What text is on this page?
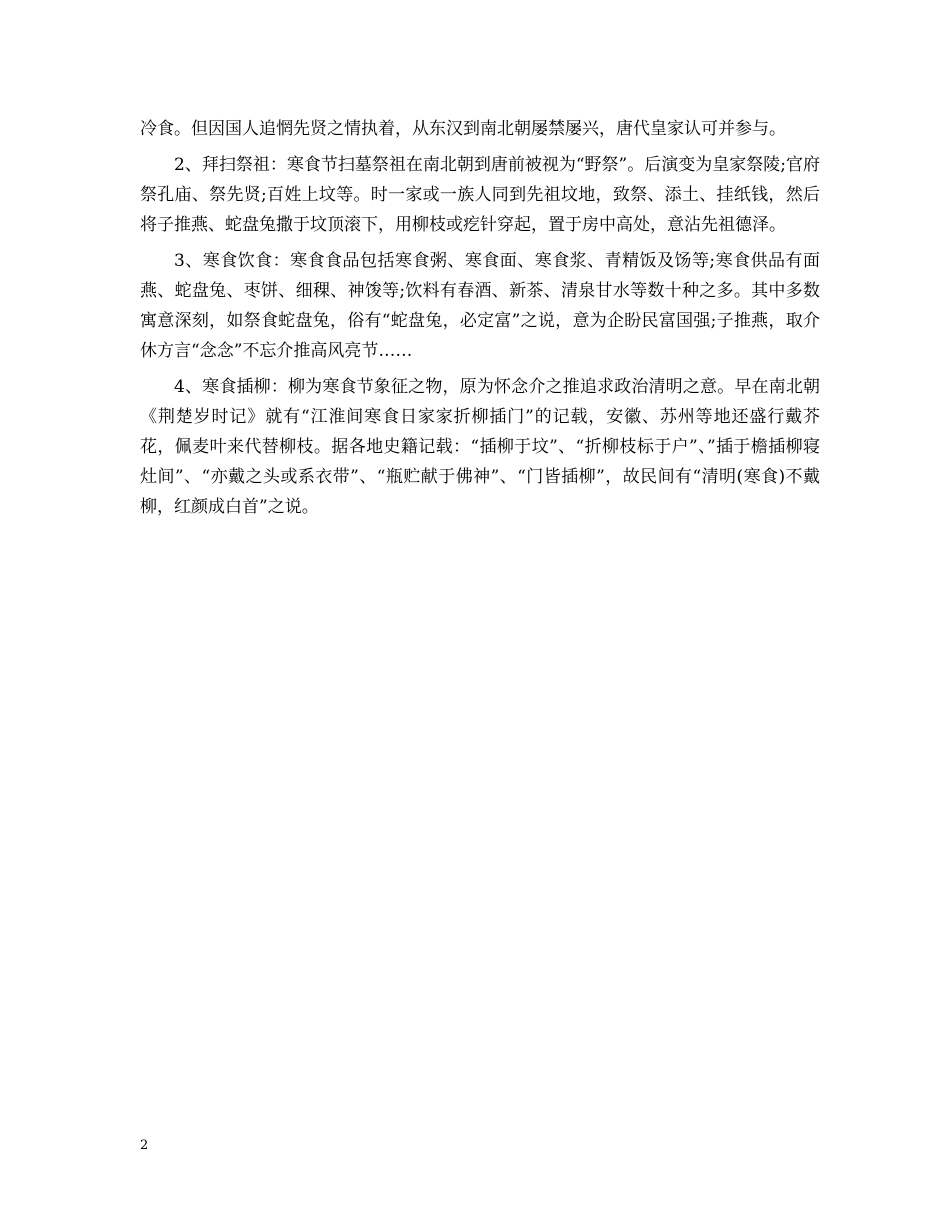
冷食。但因国人追惘先贤之情执着，从东汉到南北朝屡禁屡兴，唐代皇家认可并参与。

2、拜扫祭祖：寒食节扫墓祭祖在南北朝到唐前被视为“野祭”。后演变为皇家祭陵;官府祭孔庙、祭先贤;百姓上坟等。时一家或一族人同到先祖坟地，致祭、添土、挂纸钱，然后将子推燕、蛇盘兔撒于坟顶滚下，用柳枝或疙针穿起，置于房中高处，意沾先祖德泽。

3、寒食饮食：寒食食品包括寒食粥、寒食面、寒食浆、青精饭及饧等;寒食供品有面燕、蛇盘兔、枣饼、细稞、神馂等;饮料有春酒、新茶、清泉甘水等数十种之多。其中多数寓意深刻，如祭食蛇盘兔，俗有“蛇盘兔，必定富”之说，意为企盼民富国强;子推燕，取介休方言“念念”不忘介推高风亮节……

4、寒食插柳：柳为寒食节象征之物，原为怀念介之推追求政治清明之意。早在南北朝《荆楚岁时记》就有“江淮间寒食日家家折柳插门”的记载，安徽、苏州等地还盛行戴芥花，佩麦叶来代替柳枝。据各地史籍记载：“插柳于坟”、“折柳枝标于户”、”插于檐插柳寝灶间”、“亦戴之头或系衣带”、“瓶贮献于佛神”、“门皆插柳”，故民间有“清明(寒食)不戴柳，红颜成白首”之说。

2
